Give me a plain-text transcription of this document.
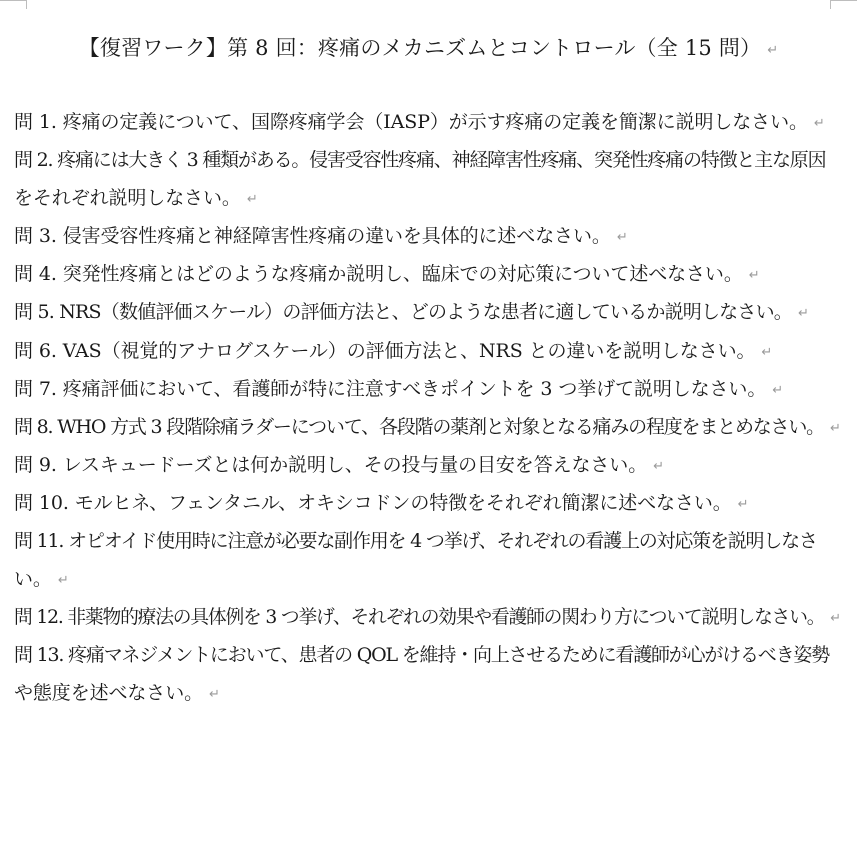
【復習ワーク】第 8 回：疼痛のメカニズムとコントロール（全 15 問） ↵
問 1. 疼痛の定義について、国際疼痛学会（IASP）が示す疼痛の定義を簡潔に説明しなさい。 ↵
問 2. 疼痛には大きく 3 種類がある。侵害受容性疼痛、神経障害性疼痛、突発性疼痛の特徴と主な原因
をそれぞれ説明しなさい。 ↵
問 3. 侵害受容性疼痛と神経障害性疼痛の違いを具体的に述べなさい。 ↵
問 4. 突発性疼痛とはどのような疼痛か説明し、臨床での対応策について述べなさい。 ↵
問 5. NRS（数値評価スケール）の評価方法と、どのような患者に適しているか説明しなさい。 ↵
問 6. VAS（視覚的アナログスケール）の評価方法と、NRS との違いを説明しなさい。 ↵
問 7. 疼痛評価において、看護師が特に注意すべきポイントを 3 つ挙げて説明しなさい。 ↵
問 8. WHO 方式 3 段階除痛ラダーについて、各段階の薬剤と対象となる痛みの程度をまとめなさい。 ↵
問 9. レスキュードーズとは何か説明し、その投与量の目安を答えなさい。 ↵
問 10. モルヒネ、フェンタニル、オキシコドンの特徴をそれぞれ簡潔に述べなさい。 ↵
問 11. オピオイド使用時に注意が必要な副作用を 4 つ挙げ、それぞれの看護上の対応策を説明しなさ
い。 ↵
問 12. 非薬物的療法の具体例を 3 つ挙げ、それぞれの効果や看護師の関わり方について説明しなさい。 ↵
問 13. 疼痛マネジメントにおいて、患者の QOL を維持・向上させるために看護師が心がけるべき姿勢
や態度を述べなさい。 ↵
